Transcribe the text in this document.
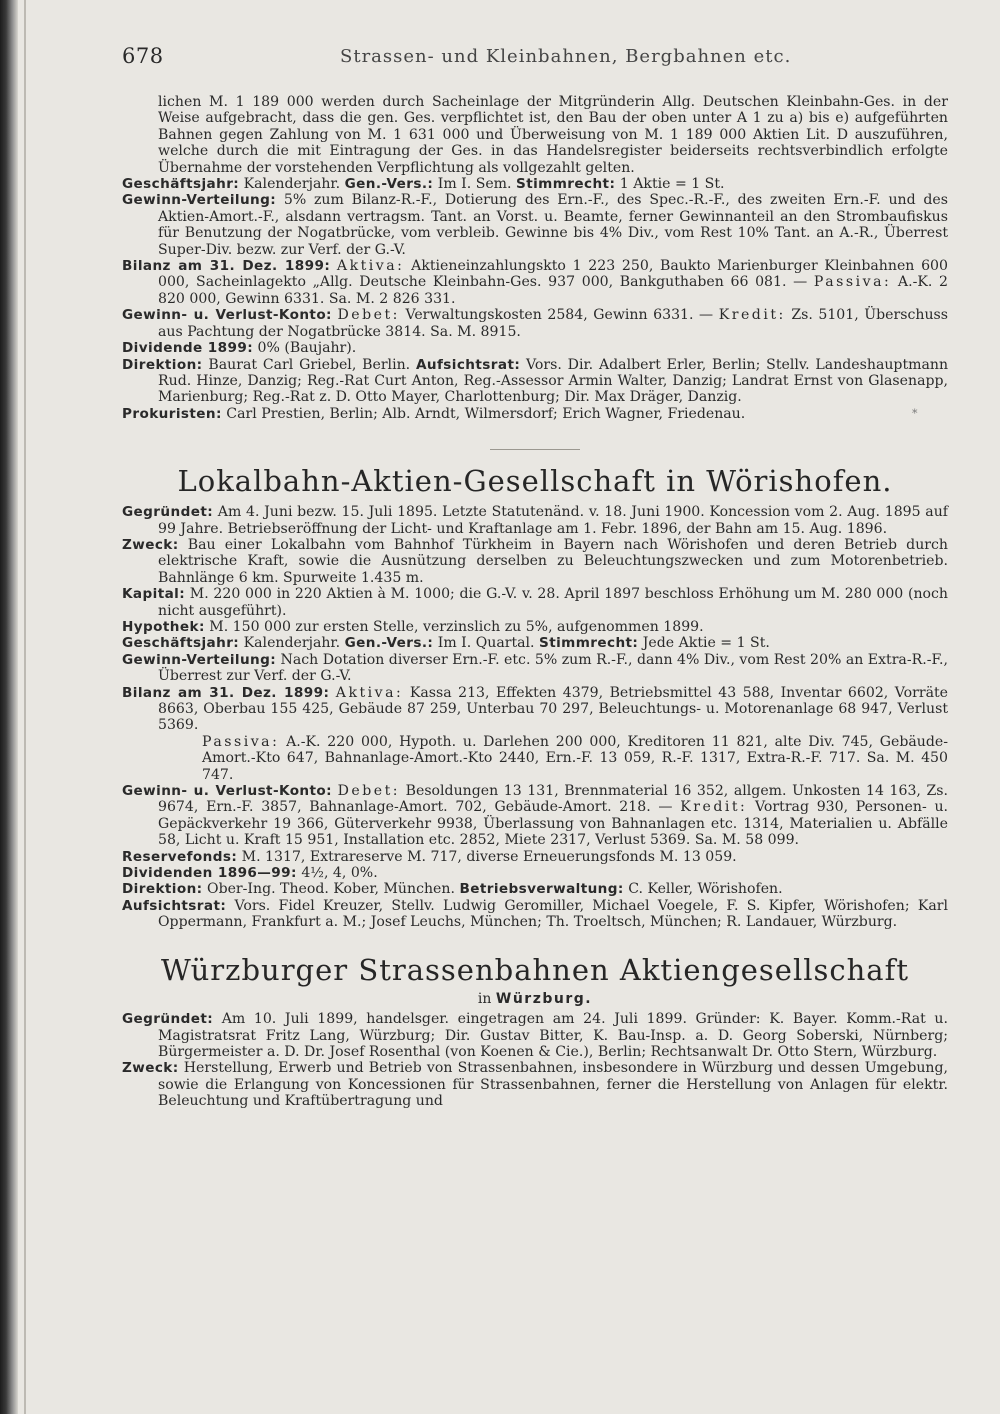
678	Strassen- und Kleinbahnen, Bergbahnen etc.

lichen M. 1 189 000 werden durch Sacheinlage der Mitgründerin Allg. Deutschen Kleinbahn-Ges. in der Weise aufgebracht, dass die gen. Ges. verpflichtet ist, den Bau der oben unter A 1 zu a) bis e) aufgeführten Bahnen gegen Zahlung von M. 1 631 000 und Überweisung von M. 1 189 000 Aktien Lit. D auszuführen, welche durch die mit Eintragung der Ges. in das Handelsregister beiderseits rechtsverbindlich erfolgte Übernahme der vorstehenden Verpflichtung als vollgezahlt gelten.

Geschäftsjahr: Kalenderjahr. Gen.-Vers.: Im I. Sem. Stimmrecht: 1 Aktie = 1 St.

Gewinn-Verteilung: 5% zum Bilanz-R.-F., Dotierung des Ern.-F., des Spec.-R.-F., des zweiten Ern.-F. und des Aktien-Amort.-F., alsdann vertragsm. Tant. an Vorst. u. Beamte, ferner Gewinnanteil an den Strombaufiskus für Benutzung der Nogatbrücke, vom verbleib. Gewinne bis 4% Div., vom Rest 10% Tant. an A.-R., Überrest Super-Div. bezw. zur Verf. der G.-V.

Bilanz am 31. Dez. 1899: Aktiva: Aktieneinzahlungskto 1 223 250, Baukto Marienburger Kleinbahnen 600 000, Sacheinlagekto „Allg. Deutsche Kleinbahn-Ges. 937 000, Bankguthaben 66 081. — Passiva: A.-K. 2 820 000, Gewinn 6331. Sa. M. 2 826 331.

Gewinn- u. Verlust-Konto: Debet: Verwaltungskosten 2584, Gewinn 6331. — Kredit: Zs. 5101, Überschuss aus Pachtung der Nogatbrücke 3814. Sa. M. 8915.

Dividende 1899: 0% (Baujahr).

Direktion: Baurat Carl Griebel, Berlin. Aufsichtsrat: Vors. Dir. Adalbert Erler, Berlin; Stellv. Landeshauptmann Rud. Hinze, Danzig; Reg.-Rat Curt Anton, Reg.-Assessor Armin Walter, Danzig; Landrat Ernst von Glasenapp, Marienburg; Reg.-Rat z. D. Otto Mayer, Charlottenburg; Dir. Max Dräger, Danzig.

Prokuristen: Carl Prestien, Berlin; Alb. Arndt, Wilmersdorf; Erich Wagner, Friedenau.	*

Lokalbahn-Aktien-Gesellschaft in Wörishofen.

Gegründet: Am 4. Juni bezw. 15. Juli 1895. Letzte Statutenänd. v. 18. Juni 1900. Koncession vom 2. Aug. 1895 auf 99 Jahre. Betriebseröffnung der Licht- und Kraftanlage am 1. Febr. 1896, der Bahn am 15. Aug. 1896.

Zweck: Bau einer Lokalbahn vom Bahnhof Türkheim in Bayern nach Wörishofen und deren Betrieb durch elektrische Kraft, sowie die Ausnützung derselben zu Beleuchtungszwecken und zum Motorenbetrieb. Bahnlänge 6 km. Spurweite 1.435 m.

Kapital: M. 220 000 in 220 Aktien à M. 1000; die G.-V. v. 28. April 1897 beschloss Erhöhung um M. 280 000 (noch nicht ausgeführt).

Hypothek: M. 150 000 zur ersten Stelle, verzinslich zu 5%, aufgenommen 1899.

Geschäftsjahr: Kalenderjahr. Gen.-Vers.: Im I. Quartal. Stimmrecht: Jede Aktie = 1 St.

Gewinn-Verteilung: Nach Dotation diverser Ern.-F. etc. 5% zum R.-F., dann 4% Div., vom Rest 20% an Extra-R.-F., Überrest zur Verf. der G.-V.

Bilanz am 31. Dez. 1899: Aktiva: Kassa 213, Effekten 4379, Betriebsmittel 43 588, Inventar 6602, Vorräte 8663, Oberbau 155 425, Gebäude 87 259, Unterbau 70 297, Beleuchtungs- u. Motorenanlage 68 947, Verlust 5369.

Passiva: A.-K. 220 000, Hypoth. u. Darlehen 200 000, Kreditoren 11 821, alte Div. 745, Gebäude-Amort.-Kto 647, Bahnanlage-Amort.-Kto 2440, Ern.-F. 13 059, R.-F. 1317, Extra-R.-F. 717. Sa. M. 450 747.

Gewinn- u. Verlust-Konto: Debet: Besoldungen 13 131, Brennmaterial 16 352, allgem. Unkosten 14 163, Zs. 9674, Ern.-F. 3857, Bahnanlage-Amort. 702, Gebäude-Amort. 218. — Kredit: Vortrag 930, Personen- u. Gepäckverkehr 19 366, Güterverkehr 9938, Überlassung von Bahnanlagen etc. 1314, Materialien u. Abfälle 58, Licht u. Kraft 15 951, Installation etc. 2852, Miete 2317, Verlust 5369. Sa. M. 58 099.

Reservefonds: M. 1317, Extrareserve M. 717, diverse Erneuerungsfonds M. 13 059.

Dividenden 1896—99: 4½, 4, 0%.

Direktion: Ober-Ing. Theod. Kober, München. Betriebsverwaltung: C. Keller, Wörishofen.

Aufsichtsrat: Vors. Fidel Kreuzer, Stellv. Ludwig Geromiller, Michael Voegele, F. S. Kipfer, Wörishofen; Karl Oppermann, Frankfurt a. M.; Josef Leuchs, München; Th. Troeltsch, München; R. Landauer, Würzburg.

Würzburger Strassenbahnen Aktiengesellschaft
in Würzburg.

Gegründet: Am 10. Juli 1899, handelsger. eingetragen am 24. Juli 1899. Gründer: K. Bayer. Komm.-Rat u. Magistratsrat Fritz Lang, Würzburg; Dir. Gustav Bitter, K. Bau-Insp. a. D. Georg Soberski, Nürnberg; Bürgermeister a. D. Dr. Josef Rosenthal (von Koenen & Cie.), Berlin; Rechtsanwalt Dr. Otto Stern, Würzburg.

Zweck: Herstellung, Erwerb und Betrieb von Strassenbahnen, insbesondere in Würzburg und dessen Umgebung, sowie die Erlangung von Koncessionen für Strassenbahnen, ferner die Herstellung von Anlagen für elektr. Beleuchtung und Kraftübertragung und
